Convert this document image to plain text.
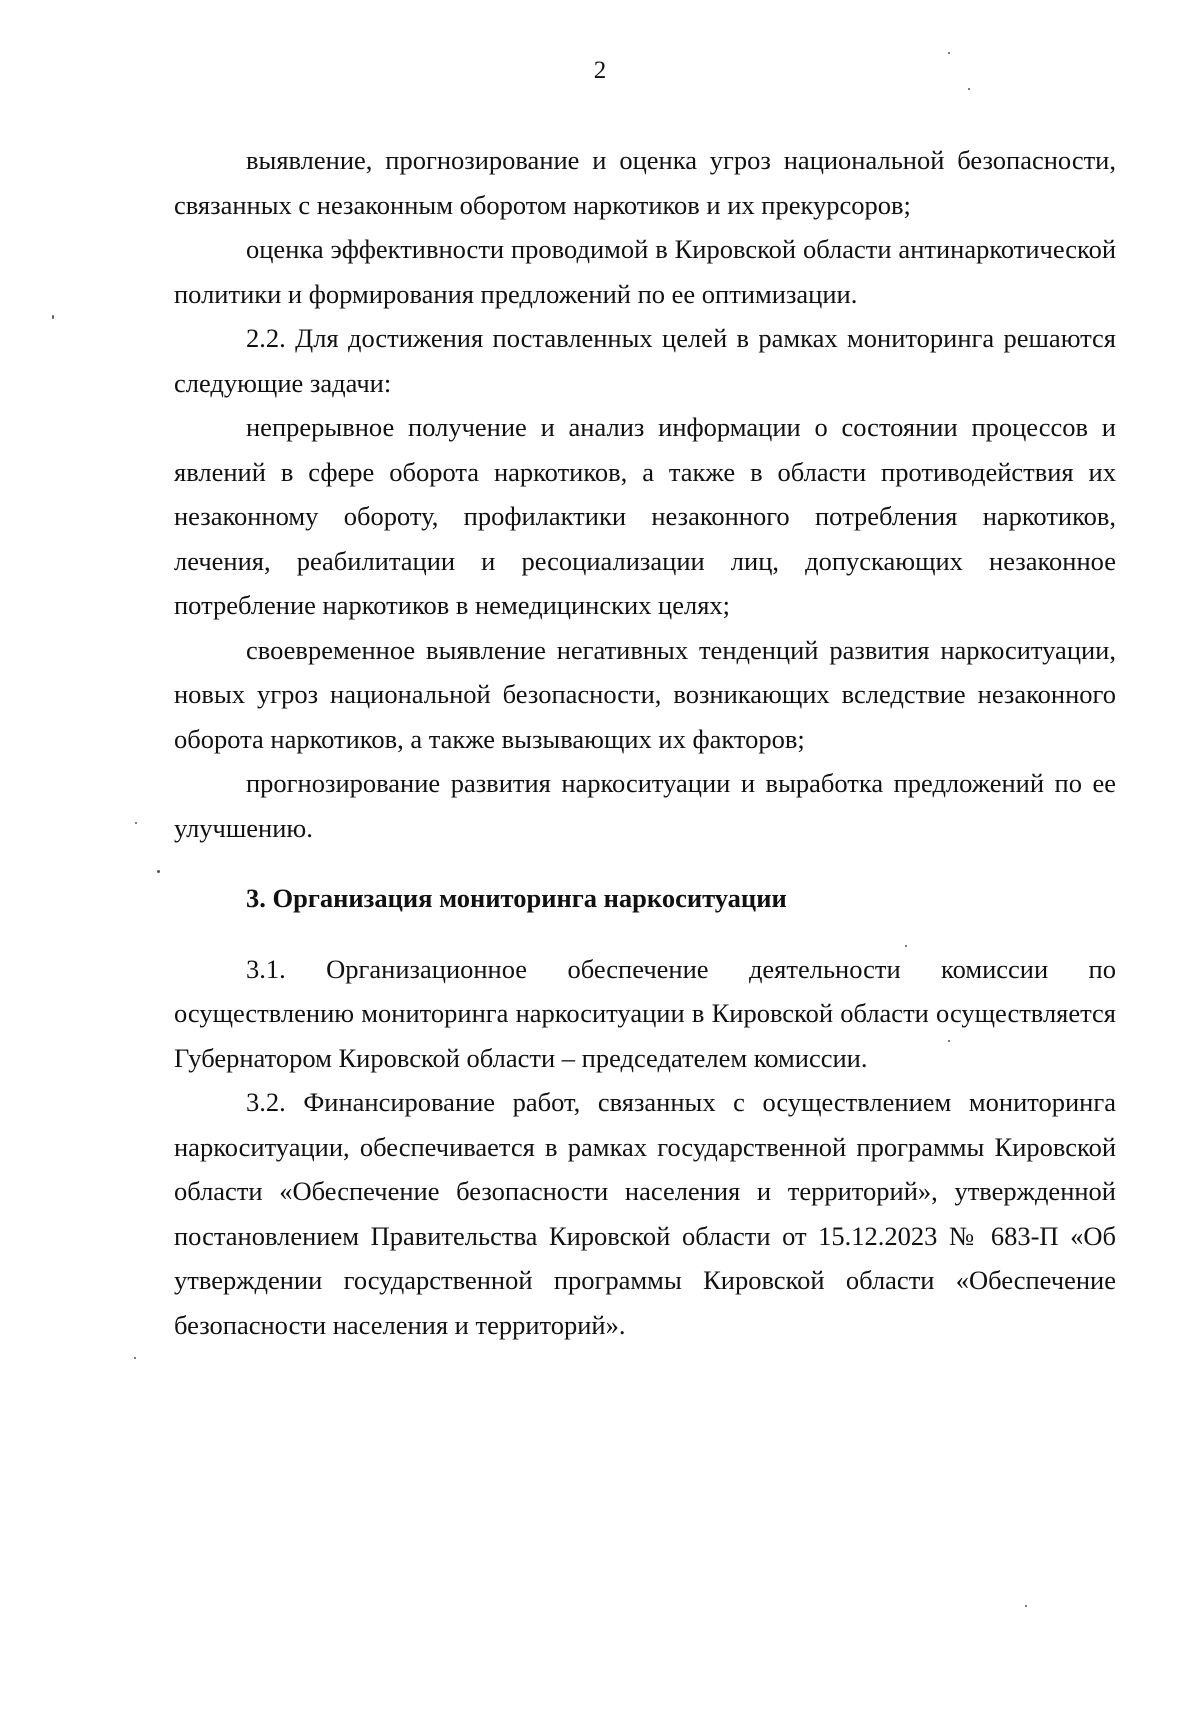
2

выявление, прогнозирование и оценка угроз национальной безопасности, связанных с незаконным оборотом наркотиков и их прекурсоров;

оценка эффективности проводимой в Кировской области антинаркотической политики и формирования предложений по ее оптимизации.

2.2. Для достижения поставленных целей в рамках мониторинга решаются следующие задачи:

непрерывное получение и анализ информации о состоянии процессов и явлений в сфере оборота наркотиков, а также в области противодействия их незаконному обороту, профилактики незаконного потребления наркотиков, лечения, реабилитации и ресоциализации лиц, допускающих незаконное потребление наркотиков в немедицинских целях;

своевременное выявление негативных тенденций развития наркоситуации, новых угроз национальной безопасности, возникающих вследствие незаконного оборота наркотиков, а также вызывающих их факторов;

прогнозирование развития наркоситуации и выработка предложений по ее улучшению.

3. Организация мониторинга наркоситуации

3.1. Организационное обеспечение деятельности комиссии по осуществлению мониторинга наркоситуации в Кировской области осуществляется Губернатором Кировской области – председателем комиссии.

3.2. Финансирование работ, связанных с осуществлением мониторинга наркоситуации, обеспечивается в рамках государственной программы Кировской области «Обеспечение безопасности населения и территорий», утвержденной постановлением Правительства Кировской области от 15.12.2023 № 683-П «Об утверждении государственной программы Кировской области «Обеспечение безопасности населения и территорий».
